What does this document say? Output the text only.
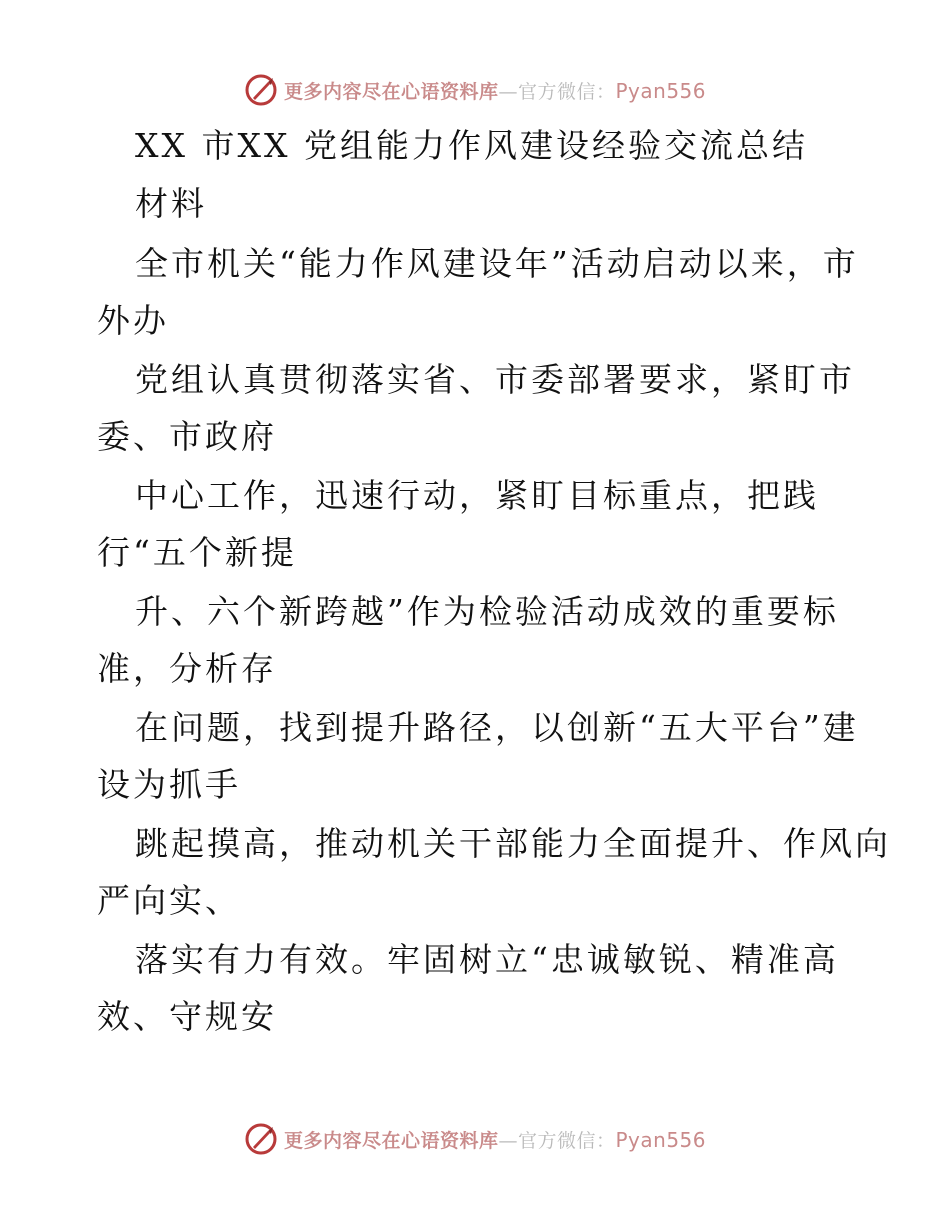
更多内容尽在心语资料库—官方微信：Pyan556
XX 市XX 党组能力作风建设经验交流总结
材料
全市机关“能力作风建设年”活动启动以来，市
外办
党组认真贯彻落实省、市委部署要求，紧盯市
委、市政府
中心工作，迅速行动，紧盯目标重点，把践
行“五个新提
升、六个新跨越”作为检验活动成效的重要标
准，分析存
在问题，找到提升路径，以创新“五大平台”建
设为抓手
跳起摸高，推动机关干部能力全面提升、作风向
严向实、
落实有力有效。牢固树立“忠诚敏锐、精准高
效、守规安
更多内容尽在心语资料库—官方微信：Pyan556
